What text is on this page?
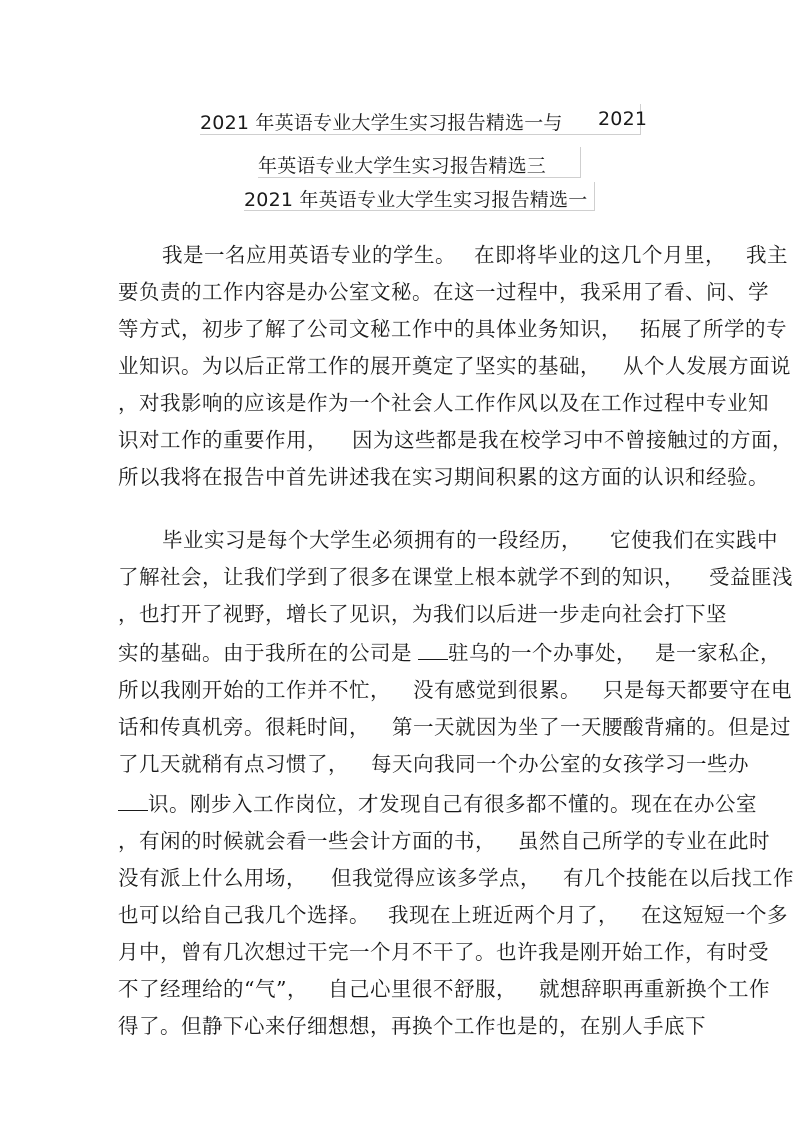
2021 年英语专业大学生实习报告精选一与 2021
年英语专业大学生实习报告精选三
2021 年英语专业大学生实习报告精选一
我是一名应用英语专业的学生。 在即将毕业的这几个月里， 我主
要负责的工作内容是办公室文秘。在这一过程中，我采用了看、问、学
等方式，初步了解了公司文秘工作中的具体业务知识， 拓展了所学的专
业知识。为以后正常工作的展开奠定了坚实的基础， 从个人发展方面说
，对我影响的应该是作为一个社会人工作作风以及在工作过程中专业知
识对工作的重要作用， 因为这些都是我在校学习中不曾接触过的方面，
所以我将在报告中首先讲述我在实习期间积累的这方面的认识和经验。
毕业实习是每个大学生必须拥有的一段经历， 它使我们在实践中
了解社会，让我们学到了很多在课堂上根本就学不到的知识， 受益匪浅
，也打开了视野，增长了见识，为我们以后进一步走向社会打下坚
实的基础。由于我所在的公司是 驻乌的一个办事处， 是一家私企，
所以我刚开始的工作并不忙， 没有感觉到很累。 只是每天都要守在电
话和传真机旁。很耗时间， 第一天就因为坐了一天腰酸背痛的。但是过
了几天就稍有点习惯了， 每天向我同一个办公室的女孩学习一些办
识。刚步入工作岗位，才发现自己有很多都不懂的。现在在办公室
，有闲的时候就会看一些会计方面的书， 虽然自己所学的专业在此时
没有派上什么用场， 但我觉得应该多学点， 有几个技能在以后找工作
也可以给自己我几个选择。 我现在上班近两个月了， 在这短短一个多
月中，曾有几次想过干完一个月不干了。也许我是刚开始工作，有时受
不了经理给的“气”， 自己心里很不舒服， 就想辞职再重新换个工作
得了。但静下心来仔细想想，再换个工作也是的，在别人手底下
